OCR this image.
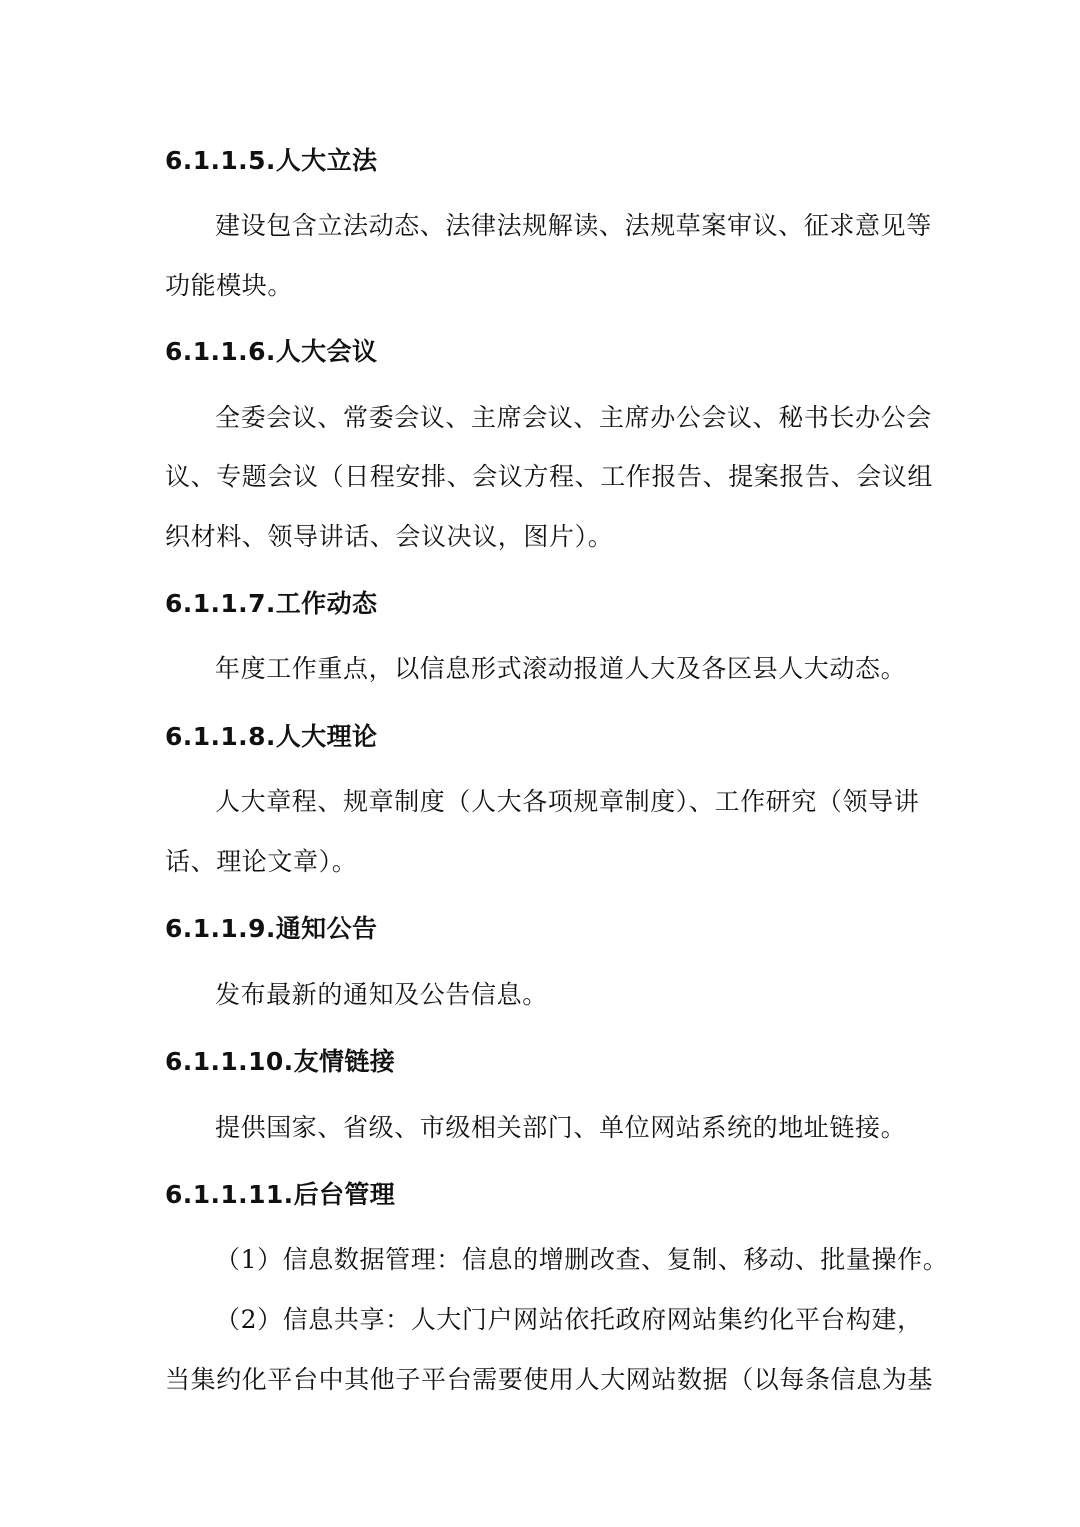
6.1.1.5.人大立法
建设包含立法动态、法律法规解读、法规草案审议、征求意见等
功能模块。
6.1.1.6.人大会议
全委会议、常委会议、主席会议、主席办公会议、秘书长办公会
议、专题会议（日程安排、会议方程、工作报告、提案报告、会议组
织材料、领导讲话、会议决议，图片）。
6.1.1.7.工作动态
年度工作重点，以信息形式滚动报道人大及各区县人大动态。
6.1.1.8.人大理论
人大章程、规章制度（人大各项规章制度）、工作研究（领导讲
话、理论文章）。
6.1.1.9.通知公告
发布最新的通知及公告信息。
6.1.1.10.友情链接
提供国家、省级、市级相关部门、单位网站系统的地址链接。
6.1.1.11.后台管理
（1）信息数据管理：信息的增删改查、复制、移动、批量操作。
（2）信息共享：人大门户网站依托政府网站集约化平台构建，
当集约化平台中其他子平台需要使用人大网站数据（以每条信息为基
